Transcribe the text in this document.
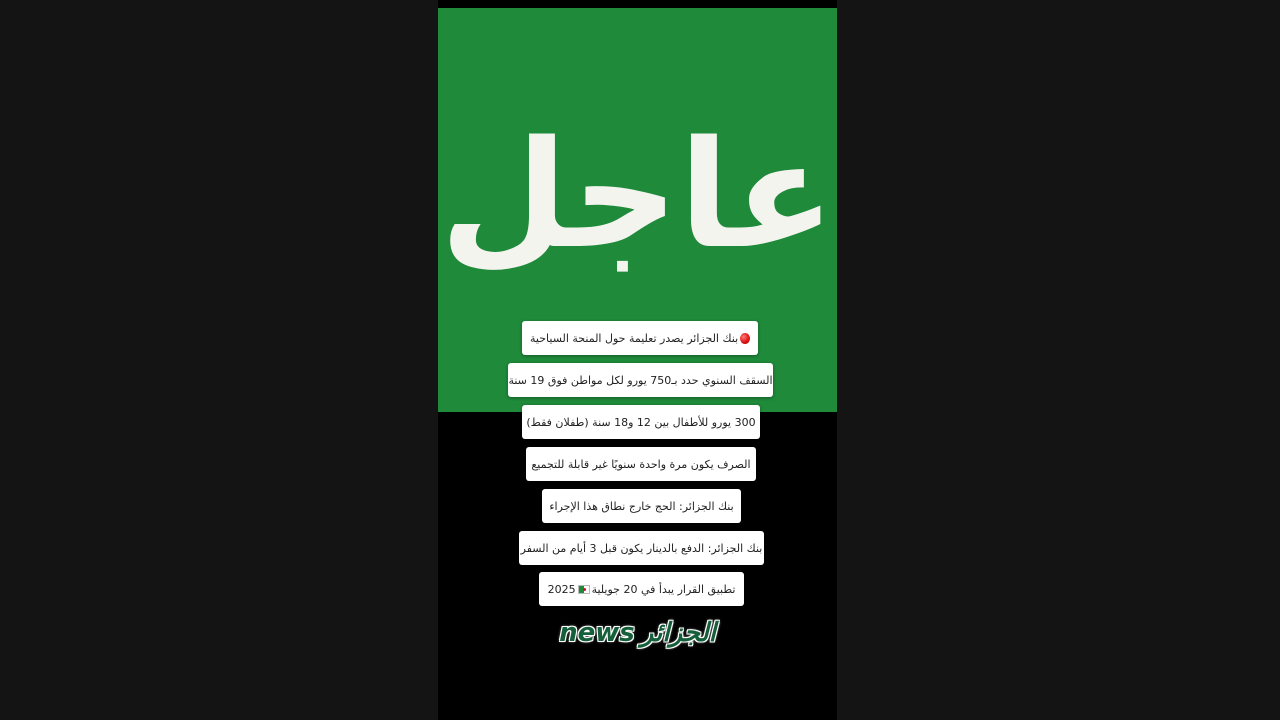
عاجل
بنك الجزائر يصدر تعليمة حول المنحة السياحية
السقف السنوي حدد بـ750 يورو لكل مواطن فوق 19 سنة
300 يورو للأطفال بين 12 و18 سنة (طفلان فقط)
الصرف يكون مرة واحدة سنويًا غير قابلة للتجميع
بنك الجزائر: الحج خارج نطاق هذا الإجراء
بنك الجزائر: الدفع بالدينار يكون قبل 3 أيام من السفر
تطبيق القرار يبدأ في 20 جويلية
2025
الجزائر
news
